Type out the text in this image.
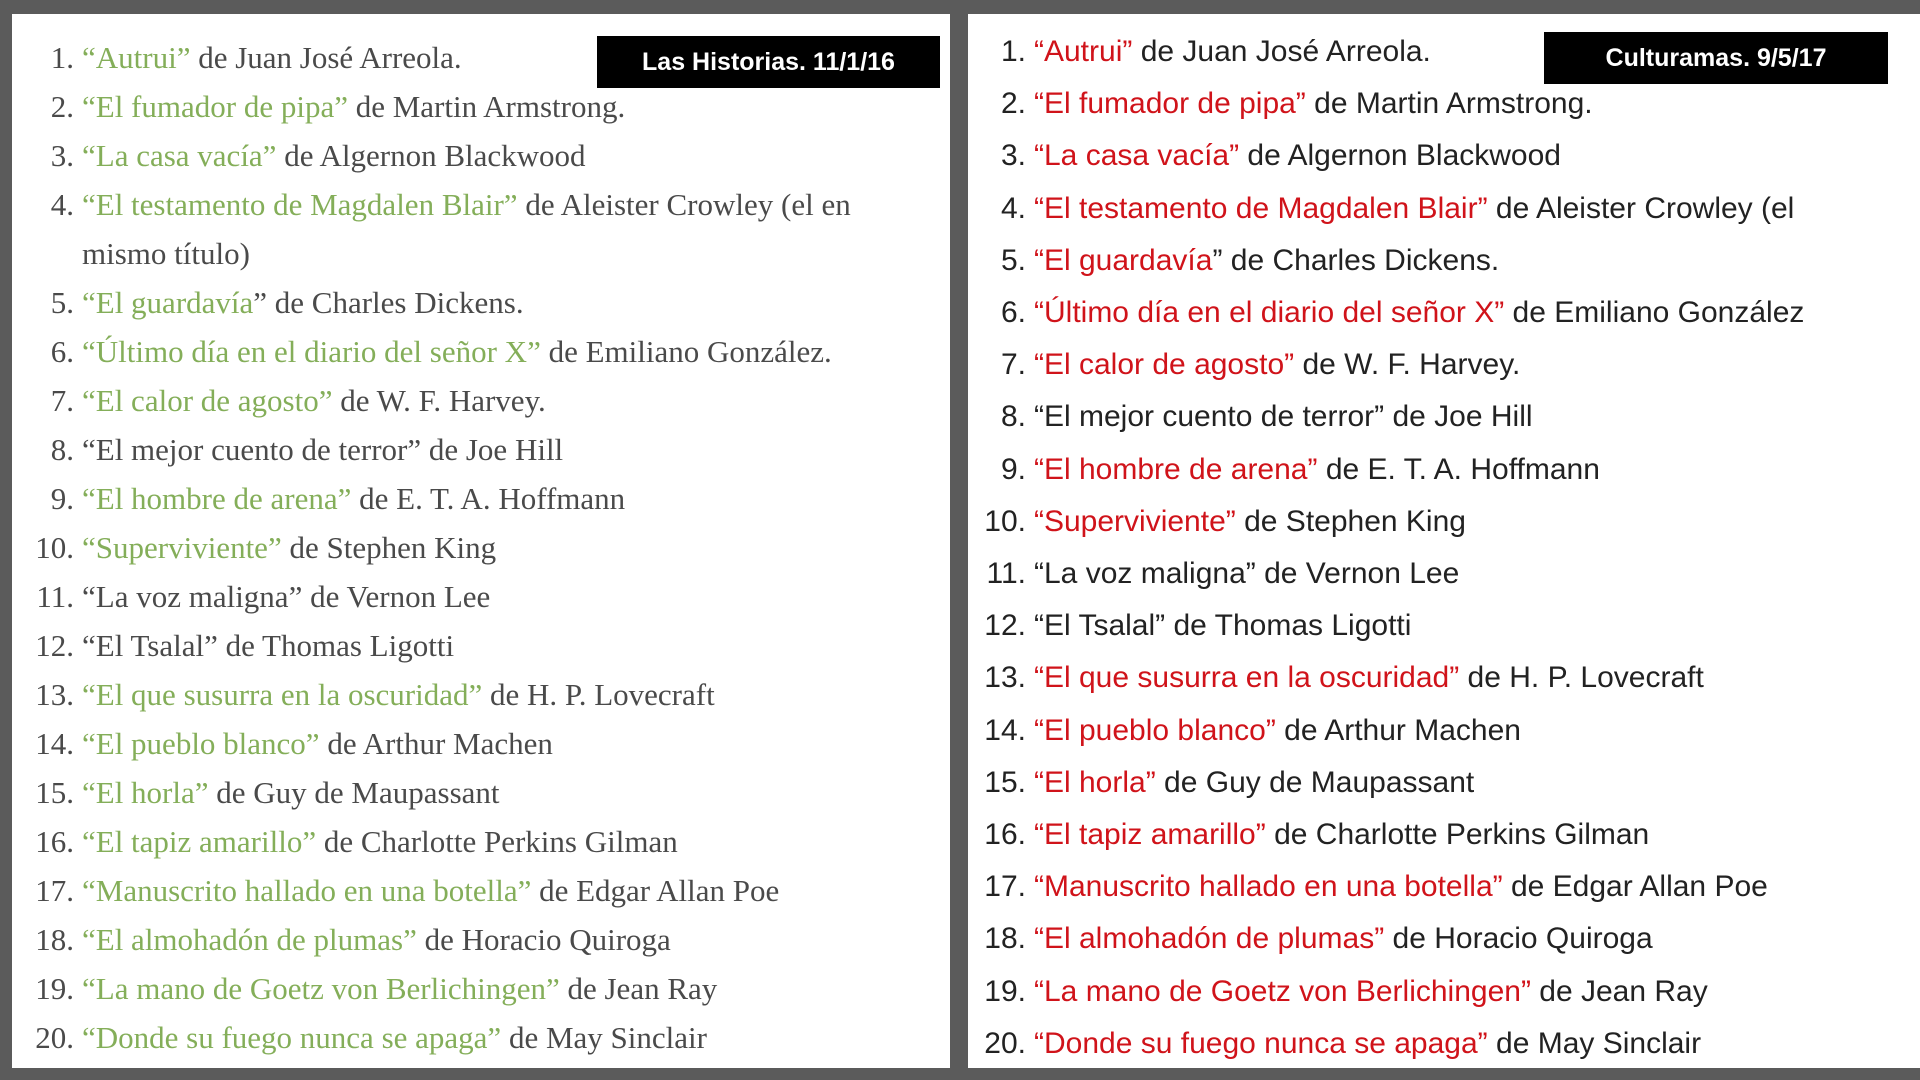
1. “Autrui” de Juan José Arreola.
2. “El fumador de pipa” de Martin Armstrong.
3. “La casa vacía” de Algernon Blackwood
4. “El testamento de Magdalen Blair” de Aleister Crowley (el en
mismo título)
5. “El guardavía” de Charles Dickens.
6. “Último día en el diario del señor X” de Emiliano González.
7. “El calor de agosto” de W. F. Harvey.
8. “El mejor cuento de terror” de Joe Hill
9. “El hombre de arena” de E. T. A. Hoffmann
10. “Superviviente” de Stephen King
11. “La voz maligna” de Vernon Lee
12. “El Tsalal” de Thomas Ligotti
13. “El que susurra en la oscuridad” de H. P. Lovecraft
14. “El pueblo blanco” de Arthur Machen
15. “El horla” de Guy de Maupassant
16. “El tapiz amarillo” de Charlotte Perkins Gilman
17. “Manuscrito hallado en una botella” de Edgar Allan Poe
18. “El almohadón de plumas” de Horacio Quiroga
19. “La mano de Goetz von Berlichingen” de Jean Ray
20. “Donde su fuego nunca se apaga” de May Sinclair
Las Historias. 11/1/16	1. “Autrui” de Juan José Arreola.
2. “El fumador de pipa” de Martin Armstrong.
3. “La casa vacía” de Algernon Blackwood
4. “El testamento de Magdalen Blair” de Aleister Crowley (el
5. “El guardavía” de Charles Dickens.
6. “Último día en el diario del señor X” de Emiliano González
7. “El calor de agosto” de W. F. Harvey.
8. “El mejor cuento de terror” de Joe Hill
9. “El hombre de arena” de E. T. A. Hoffmann
10. “Superviviente” de Stephen King
11. “La voz maligna” de Vernon Lee
12. “El Tsalal” de Thomas Ligotti
13. “El que susurra en la oscuridad” de H. P. Lovecraft
14. “El pueblo blanco” de Arthur Machen
15. “El horla” de Guy de Maupassant
16. “El tapiz amarillo” de Charlotte Perkins Gilman
17. “Manuscrito hallado en una botella” de Edgar Allan Poe
18. “El almohadón de plumas” de Horacio Quiroga
19. “La mano de Goetz von Berlichingen” de Jean Ray
20. “Donde su fuego nunca se apaga” de May Sinclair
Culturamas. 9/5/17
